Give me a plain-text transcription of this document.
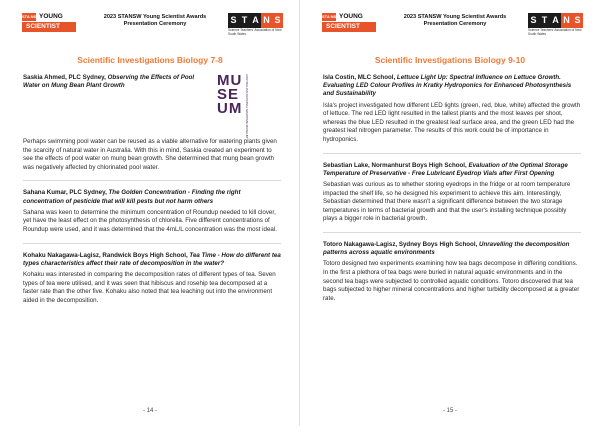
STA NSW YOUNG
SCIENTIST
2023 STANSW Young Scientist Awards
Presentation Ceremony	S T A N S
Science Teachers' Association of New South Wales
Scientific Investigations Biology 7-8
Saskia Ahmed, PLC Sydney, Observing the Effects of Pool Water on Mung Bean Plant Growth	MU
SE
UM AUSTRALIAN NATIONAL MARITIME MUSEUM
Perhaps swimming pool water can be reused as a viable alternative for watering plants given the scarcity of natural water in Australia. With this in mind, Saskia created an experiment to see the effects of pool water on mung bean growth. She determined that mung bean growth was negatively affected by chlorinated pool water.
Sahana Kumar, PLC Sydney, The Golden Concentration - Finding the right concentration of pesticide that will kill pests but not harm others
Sahana was keen to determine the minimum concentration of Roundup needed to kill clover, yet have the least effect on the photosynthesis of chlorella. Five different concentrations of Roundup were used, and it was determined that the 4mL/L concentration was the most ideal.
Kohaku Nakagawa-Lagisz, Randwick Boys High School, Tea Time - How do different tea types characteristics affect their rate of decomposition in the water?
Kohaku was interested in comparing the decomposition rates of different types of tea. Seven types of tea were utilised, and it was seen that hibiscus and rosehip tea decomposed at a faster rate than the other five. Kohaku also noted that tea leaching out into the environment aided in the decomposition.
- 14 -
STA NSW YOUNG
SCIENTIST
2023 STANSW Young Scientist Awards
Presentation Ceremony	S T A N S
Science Teachers' Association of New South Wales
Scientific Investigations Biology 9-10
Isla Costin, MLC School, Lettuce Light Up: Spectral Influence on Lettuce Growth. Evaluating LED Colour Profiles in Kratky Hydroponics for Enhanced Photosynthesis and Sustainability
Isla's project investigated how different LED lights (green, red, blue, white) affected the growth of lettuce. The red LED light resulted in the tallest plants and the most leaves per shoot, whereas the blue LED resulted in the greatest leaf surface area, and the green LED had the greatest leaf nitrogen parameter. The results of this work could be of importance in hydroponics.
Sebastian Lake, Normanhurst Boys High School, Evaluation of the Optimal Storage Temperature of Preservative - Free Lubricant Eyedrop Vials after First Opening
Sebastian was curious as to whether storing eyedrops in the fridge or at room temperature impacted the shelf life, so he designed his experiment to achieve this aim. Interestingly, Sebastian determined that there wasn't a significant difference between the two storage temperatures in terms of bacterial growth and that the user's installing technique possibly plays a bigger role in bacterial growth.
Totoro Nakagawa-Lagisz, Sydney Boys High School, Unravelling the decomposition patterns across aquatic environments
Totoro designed two experiments examining how tea bags decompose in differing conditions. In the first a plethora of tea bags were buried in natural aquatic environments and in the second tea bags were subjected to controlled aquatic conditions. Totoro discovered that tea bags subjected to higher mineral concentrations and higher turbidity decomposed at a greater rate.
- 15 -
